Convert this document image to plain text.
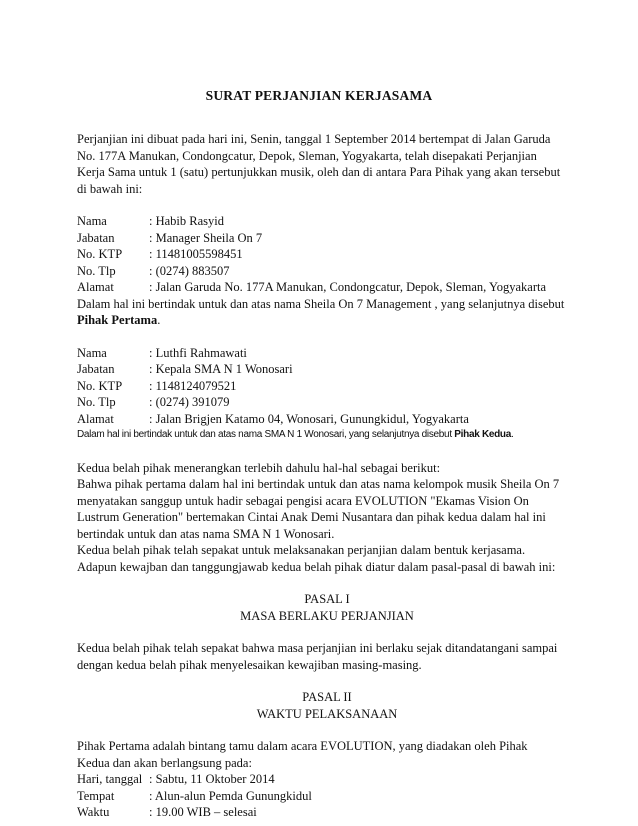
SURAT PERJANJIAN KERJASAMA

Perjanjian ini dibuat pada hari ini, Senin, tanggal 1 September 2014 bertempat di Jalan Garuda

No. 177A Manukan, Condongcatur, Depok, Sleman, Yogyakarta, telah disepakati Perjanjian

Kerja Sama untuk 1 (satu) pertunjukkan musik, oleh dan di antara Para Pihak yang akan tersebut

di bawah ini:

Nama	: Habib Rasyid
Jabatan	: Manager Sheila On 7
No. KTP	: 11481005598451
No. Tlp	: (0274) 883507
Alamat	: Jalan Garuda No. 177A Manukan, Condongcatur, Depok, Sleman, Yogyakarta

Dalam hal ini bertindak untuk dan atas nama Sheila On 7 Management , yang selanjutnya disebut

Pihak Pertama.

Nama	: Luthfi Rahmawati
Jabatan	: Kepala SMA N 1 Wonosari
No. KTP	: 1148124079521
No. Tlp	: (0274) 391079
Alamat	: Jalan Brigjen Katamo 04, Wonosari, Gunungkidul, Yogyakarta

Dalam hal ini bertindak untuk dan atas nama SMA N 1 Wonosari, yang selanjutnya disebut Pihak Kedua.

Kedua belah pihak menerangkan terlebih dahulu hal-hal sebagai berikut:

Bahwa pihak pertama dalam hal ini bertindak untuk dan atas nama kelompok musik Sheila On 7

menyatakan sanggup untuk hadir sebagai pengisi acara EVOLUTION "Ekamas Vision On

Lustrum Generation" bertemakan Cintai Anak Demi Nusantara dan pihak kedua dalam hal ini

bertindak untuk dan atas nama SMA N 1 Wonosari.

Kedua belah pihak telah sepakat untuk melaksanakan perjanjian dalam bentuk kerjasama.

Adapun kewajban dan tanggungjawab kedua belah pihak diatur dalam pasal-pasal di bawah ini:

PASAL I

MASA BERLAKU PERJANJIAN

Kedua belah pihak telah sepakat bahwa masa perjanjian ini berlaku sejak ditandatangani sampai

dengan kedua belah pihak menyelesaikan kewajiban masing-masing.

PASAL II

WAKTU PELAKSANAAN

Pihak Pertama adalah bintang tamu dalam acara EVOLUTION, yang diadakan oleh Pihak

Kedua dan akan berlangsung pada:

Hari, tanggal : Sabtu, 11 Oktober 2014
Tempat	: Alun-alun Pemda Gunungkidul
Waktu	: 19.00 WIB – selesai
